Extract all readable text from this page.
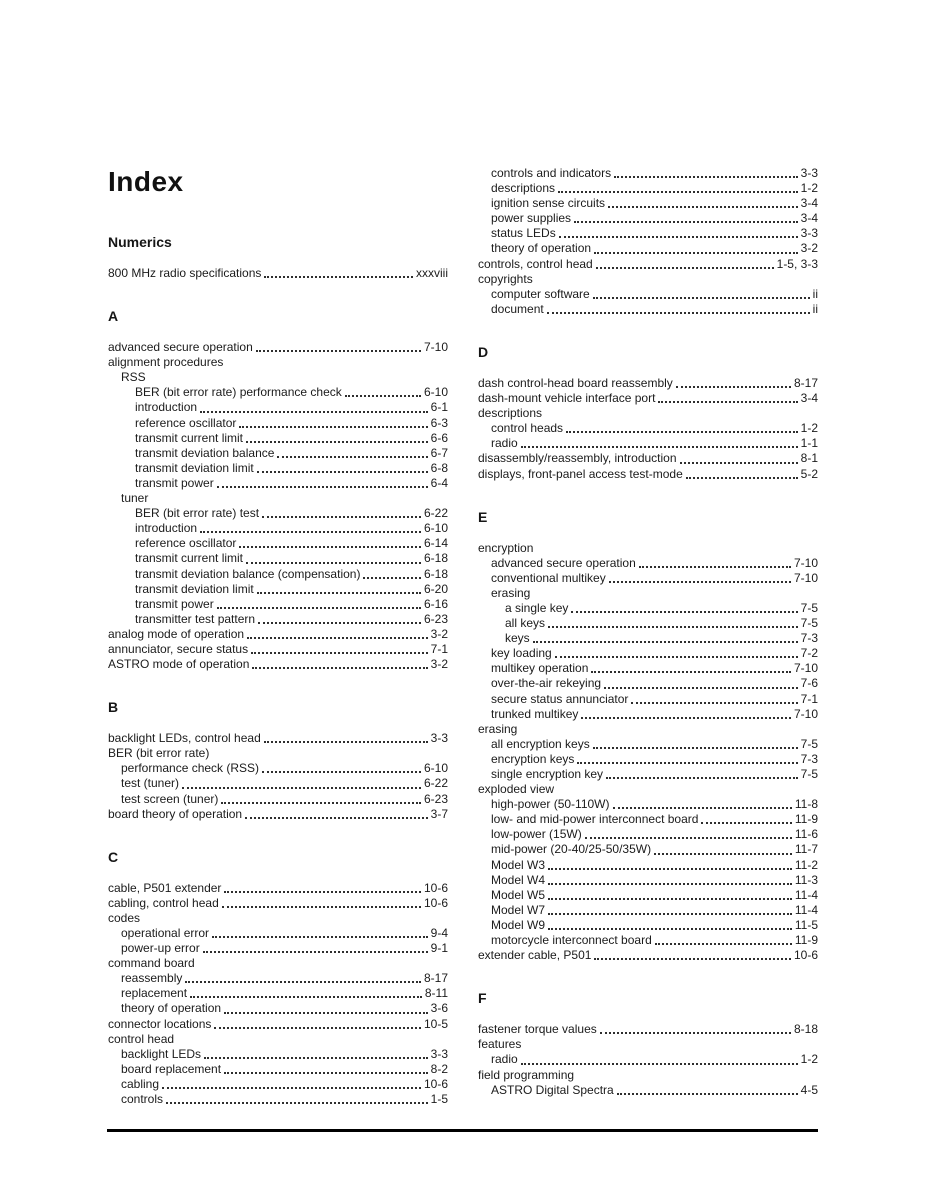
Index
Numerics
800 MHz radio specifications	xxxviii
A
advanced secure operation	7-10
alignment procedures
RSS
BER (bit error rate) performance check	6-10
introduction	6-1
reference oscillator	6-3
transmit current limit	6-6
transmit deviation balance	6-7
transmit deviation limit	6-8
transmit power	6-4
tuner
BER (bit error rate) test	6-22
introduction	6-10
reference oscillator	6-14
transmit current limit	6-18
transmit deviation balance (compensation)	6-18
transmit deviation limit	6-20
transmit power	6-16
transmitter test pattern	6-23
analog mode of operation	3-2
annunciator, secure status	7-1
ASTRO mode of operation	3-2
B
backlight LEDs, control head	3-3
BER (bit error rate)
performance check (RSS)	6-10
test (tuner)	6-22
test screen (tuner)	6-23
board theory of operation	3-7
C
cable, P501 extender	10-6
cabling, control head	10-6
codes
operational error	9-4
power-up error	9-1
command board
reassembly	8-17
replacement	8-11
theory of operation	3-6
connector locations	10-5
control head
backlight LEDs	3-3
board replacement	8-2
cabling	10-6
controls	1-5
controls and indicators	3-3
descriptions	1-2
ignition sense circuits	3-4
power supplies	3-4
status LEDs	3-3
theory of operation	3-2
controls, control head	1-5, 3-3
copyrights
computer software	ii
document	ii
D
dash control-head board reassembly	8-17
dash-mount vehicle interface port	3-4
descriptions
control heads	1-2
radio	1-1
disassembly/reassembly, introduction	8-1
displays, front-panel access test-mode	5-2
E
encryption
advanced secure operation	7-10
conventional multikey	7-10
erasing
a single key	7-5
all keys	7-5
keys	7-3
key loading	7-2
multikey operation	7-10
over-the-air rekeying	7-6
secure status annunciator	7-1
trunked multikey	7-10
erasing
all encryption keys	7-5
encryption keys	7-3
single encryption key	7-5
exploded view
high-power (50-110W)	11-8
low- and mid-power interconnect board	11-9
low-power (15W)	11-6
mid-power (20-40/25-50/35W)	11-7
Model W3	11-2
Model W4	11-3
Model W5	11-4
Model W7	11-4
Model W9	11-5
motorcycle interconnect board	11-9
extender cable, P501	10-6
F
fastener torque values	8-18
features
radio	1-2
field programming
ASTRO Digital Spectra	4-5
